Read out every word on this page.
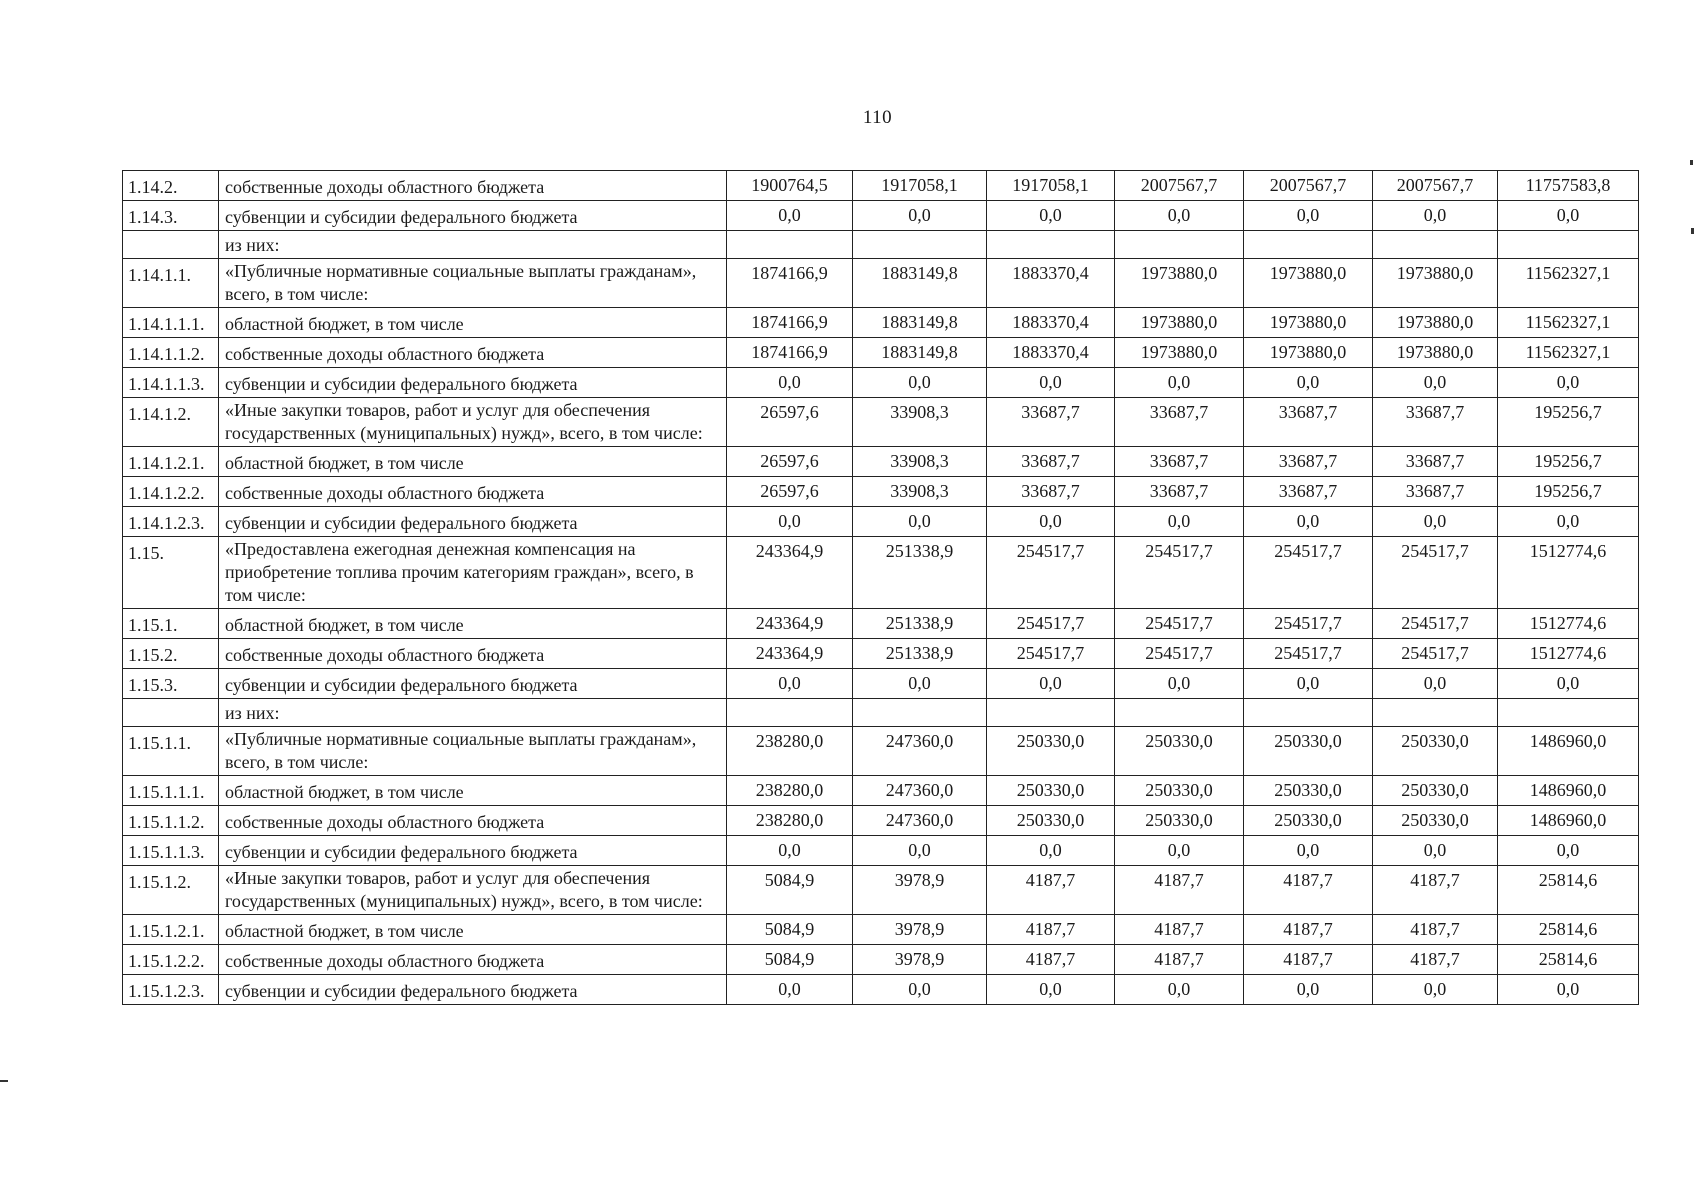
110
1.14.2.	собственные доходы областного бюджета	1900764,5	1917058,1	1917058,1	2007567,7	2007567,7	2007567,7	11757583,8
1.14.3.	субвенции и субсидии федерального бюджета	0,0	0,0	0,0	0,0	0,0	0,0	0,0
	из них:							
1.14.1.1.	«Публичные нормативные социальные выплаты гражданам», всего, в том числе:	1874166,9	1883149,8	1883370,4	1973880,0	1973880,0	1973880,0	11562327,1
1.14.1.1.1.	областной бюджет, в том числе	1874166,9	1883149,8	1883370,4	1973880,0	1973880,0	1973880,0	11562327,1
1.14.1.1.2.	собственные доходы областного бюджета	1874166,9	1883149,8	1883370,4	1973880,0	1973880,0	1973880,0	11562327,1
1.14.1.1.3.	субвенции и субсидии федерального бюджета	0,0	0,0	0,0	0,0	0,0	0,0	0,0
1.14.1.2.	«Иные закупки товаров, работ и услуг для обеспечения государственных (муниципальных) нужд», всего, в том числе:	26597,6	33908,3	33687,7	33687,7	33687,7	33687,7	195256,7
1.14.1.2.1.	областной бюджет, в том числе	26597,6	33908,3	33687,7	33687,7	33687,7	33687,7	195256,7
1.14.1.2.2.	собственные доходы областного бюджета	26597,6	33908,3	33687,7	33687,7	33687,7	33687,7	195256,7
1.14.1.2.3.	субвенции и субсидии федерального бюджета	0,0	0,0	0,0	0,0	0,0	0,0	0,0
1.15.	«Предоставлена ежегодная денежная компенсация на приобретение топлива прочим категориям граждан», всего, в том числе:	243364,9	251338,9	254517,7	254517,7	254517,7	254517,7	1512774,6
1.15.1.	областной бюджет, в том числе	243364,9	251338,9	254517,7	254517,7	254517,7	254517,7	1512774,6
1.15.2.	собственные доходы областного бюджета	243364,9	251338,9	254517,7	254517,7	254517,7	254517,7	1512774,6
1.15.3.	субвенции и субсидии федерального бюджета	0,0	0,0	0,0	0,0	0,0	0,0	0,0
	из них:							
1.15.1.1.	«Публичные нормативные социальные выплаты гражданам», всего, в том числе:	238280,0	247360,0	250330,0	250330,0	250330,0	250330,0	1486960,0
1.15.1.1.1.	областной бюджет, в том числе	238280,0	247360,0	250330,0	250330,0	250330,0	250330,0	1486960,0
1.15.1.1.2.	собственные доходы областного бюджета	238280,0	247360,0	250330,0	250330,0	250330,0	250330,0	1486960,0
1.15.1.1.3.	субвенции и субсидии федерального бюджета	0,0	0,0	0,0	0,0	0,0	0,0	0,0
1.15.1.2.	«Иные закупки товаров, работ и услуг для обеспечения государственных (муниципальных) нужд», всего, в том числе:	5084,9	3978,9	4187,7	4187,7	4187,7	4187,7	25814,6
1.15.1.2.1.	областной бюджет, в том числе	5084,9	3978,9	4187,7	4187,7	4187,7	4187,7	25814,6
1.15.1.2.2.	собственные доходы областного бюджета	5084,9	3978,9	4187,7	4187,7	4187,7	4187,7	25814,6
1.15.1.2.3.	субвенции и субсидии федерального бюджета	0,0	0,0	0,0	0,0	0,0	0,0	0,0
